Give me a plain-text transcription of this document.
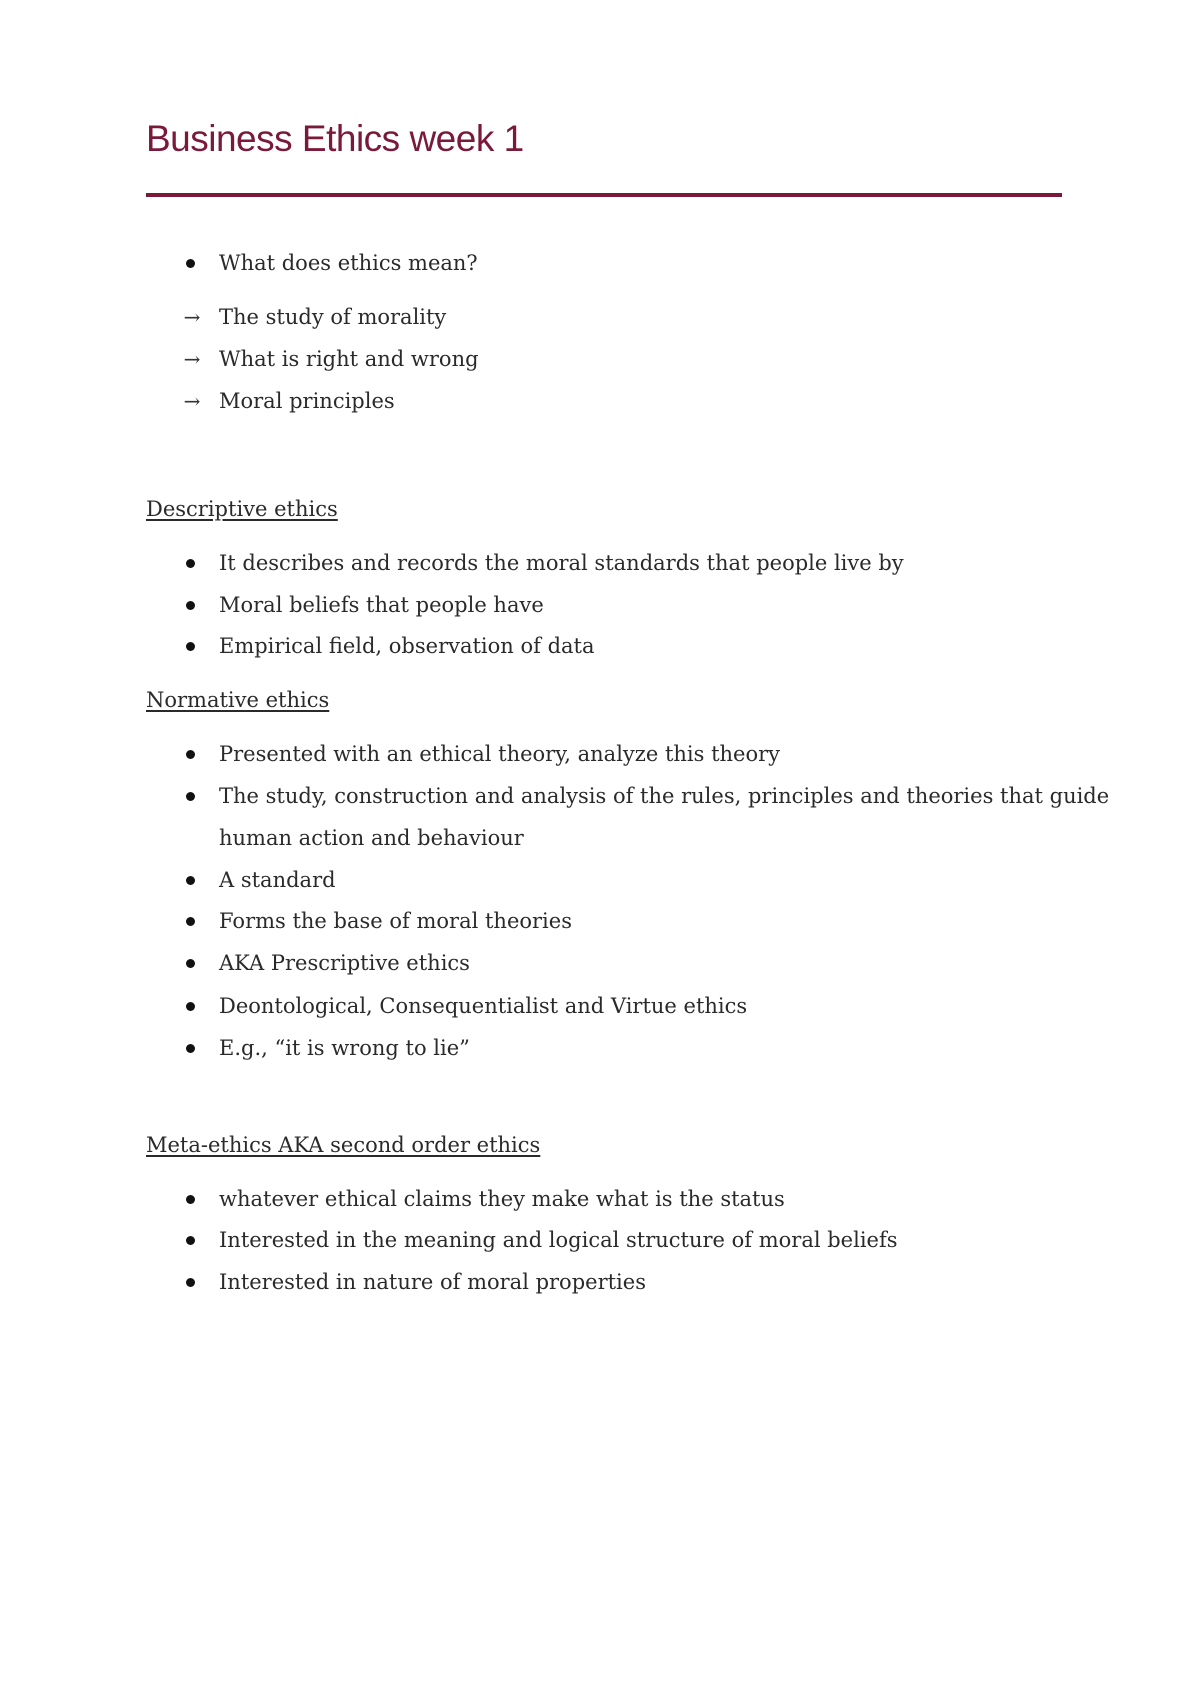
Business Ethics week 1
What does ethics mean?
→ The study of morality
→ What is right and wrong
→ Moral principles
Descriptive ethics
It describes and records the moral standards that people live by
Moral beliefs that people have
Empirical field, observation of data
Normative ethics
Presented with an ethical theory, analyze this theory
The study, construction and analysis of the rules, principles and theories that guide
human action and behaviour
A standard
Forms the base of moral theories
AKA Prescriptive ethics
Deontological, Consequentialist and Virtue ethics
E.g., “it is wrong to lie”
Meta-ethics AKA second order ethics
whatever ethical claims they make what is the status
Interested in the meaning and logical structure of moral beliefs
Interested in nature of moral properties
